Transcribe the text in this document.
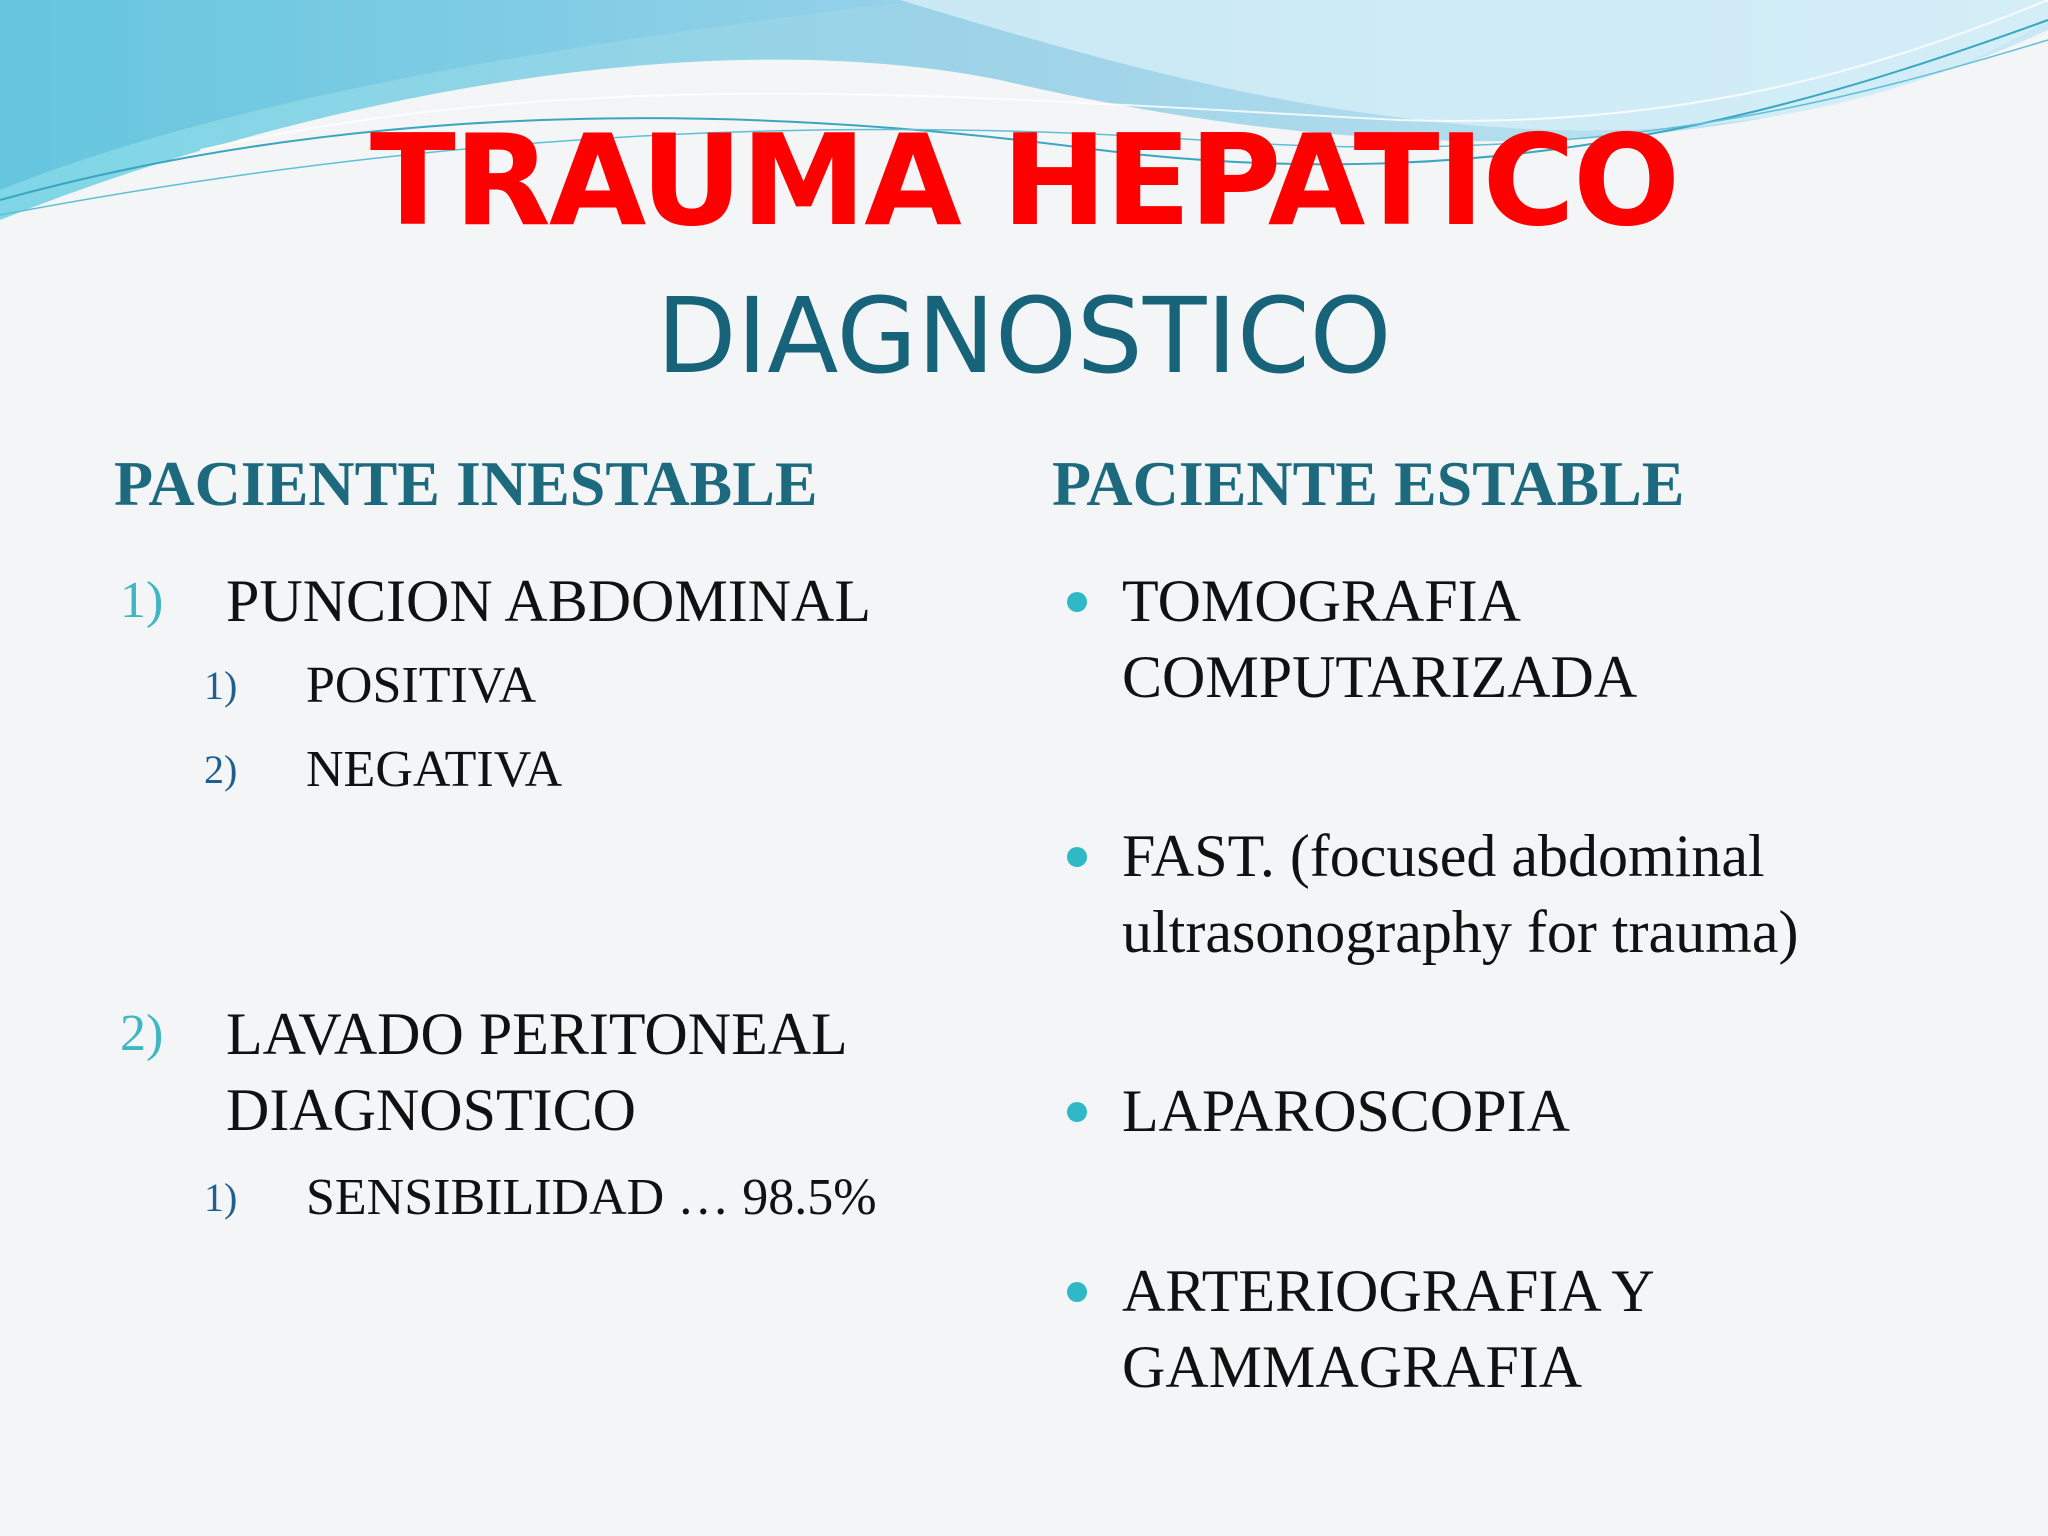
TRAUMA HEPATICO
DIAGNOSTICO
PACIENTE INESTABLE	PACIENTE ESTABLE
1) PUNCION ABDOMINAL
1) POSITIVA
2) NEGATIVA
2) LAVADO PERITONEAL
DIAGNOSTICO
1) SENSIBILIDAD … 98.5%
TOMOGRAFIA
COMPUTARIZADA
FAST. (focused abdominal
ultrasonography for trauma)
LAPAROSCOPIA
ARTERIOGRAFIA Y
GAMMAGRAFIA
